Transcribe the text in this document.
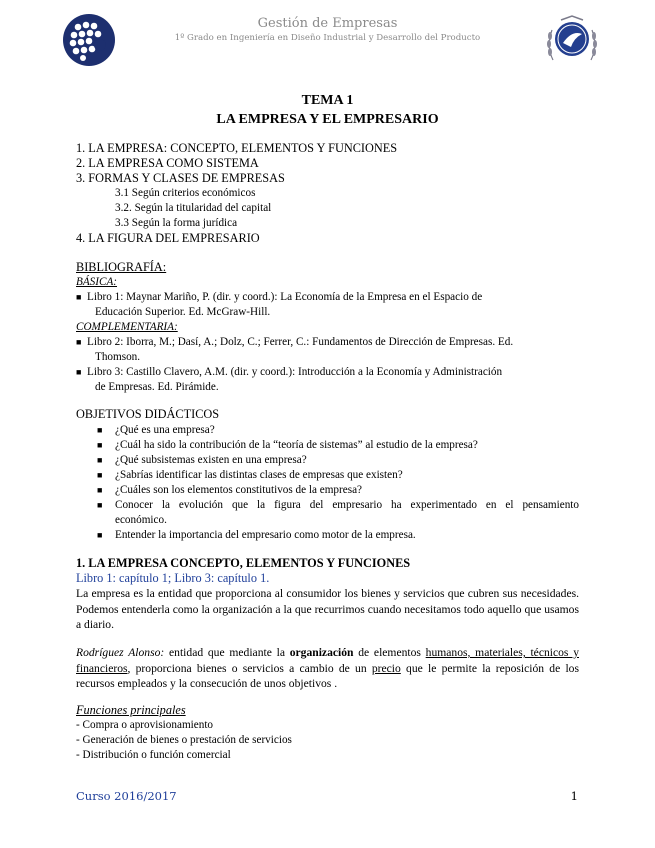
Gestión de Empresas
1º Grado en Ingeniería en Diseño Industrial y Desarrollo del Producto
TEMA 1
LA EMPRESA Y EL EMPRESARIO
1. LA EMPRESA: CONCEPTO, ELEMENTOS Y FUNCIONES
2. LA EMPRESA COMO SISTEMA
3. FORMAS Y CLASES DE EMPRESAS
3.1 Según criterios económicos
3.2. Según la titularidad del capital
3.3 Según la forma jurídica
4. LA FIGURA DEL EMPRESARIO
BIBLIOGRAFÍA:
BÁSICA:
■ Libro 1: Maynar Mariño, P. (dir. y coord.): La Economía de la Empresa en el Espacio de
Educación Superior. Ed. McGraw-Hill.
COMPLEMENTARIA:
■ Libro 2: Iborra, M.; Dasí, A.; Dolz, C.; Ferrer, C.: Fundamentos de Dirección de Empresas. Ed.
Thomson.
■ Libro 3: Castillo Clavero, A.M. (dir. y coord.): Introducción a la Economía y Administración
de Empresas. Ed. Pirámide.
OBJETIVOS DIDÁCTICOS
■ ¿Qué es una empresa?
■ ¿Cuál ha sido la contribución de la “teoría de sistemas” al estudio de la empresa?
■ ¿Qué subsistemas existen en una empresa?
■ ¿Sabrías identificar las distintas clases de empresas que existen?
■ ¿Cuáles son los elementos constitutivos de la empresa?
■ Conocer la evolución que la figura del empresario ha experimentado en el pensamiento
económico.
■ Entender la importancia del empresario como motor de la empresa.
1. LA EMPRESA CONCEPTO, ELEMENTOS Y FUNCIONES
Libro 1: capítulo 1; Libro 3: capítulo 1.
La empresa es la entidad que proporciona al consumidor los bienes y servicios que cubren sus necesidades. Podemos entenderla como la organización a la que recurrimos cuando necesitamos todo aquello que usamos a diario.
Rodríguez Alonso: entidad que mediante la organización de elementos humanos, materiales, técnicos y financieros, proporciona bienes o servicios a cambio de un precio que le permite la reposición de los recursos empleados y la consecución de unos objetivos .
Funciones principales
- Compra o aprovisionamiento
- Generación de bienes o prestación de servicios
- Distribución o función comercial
Curso 2016/2017	1
